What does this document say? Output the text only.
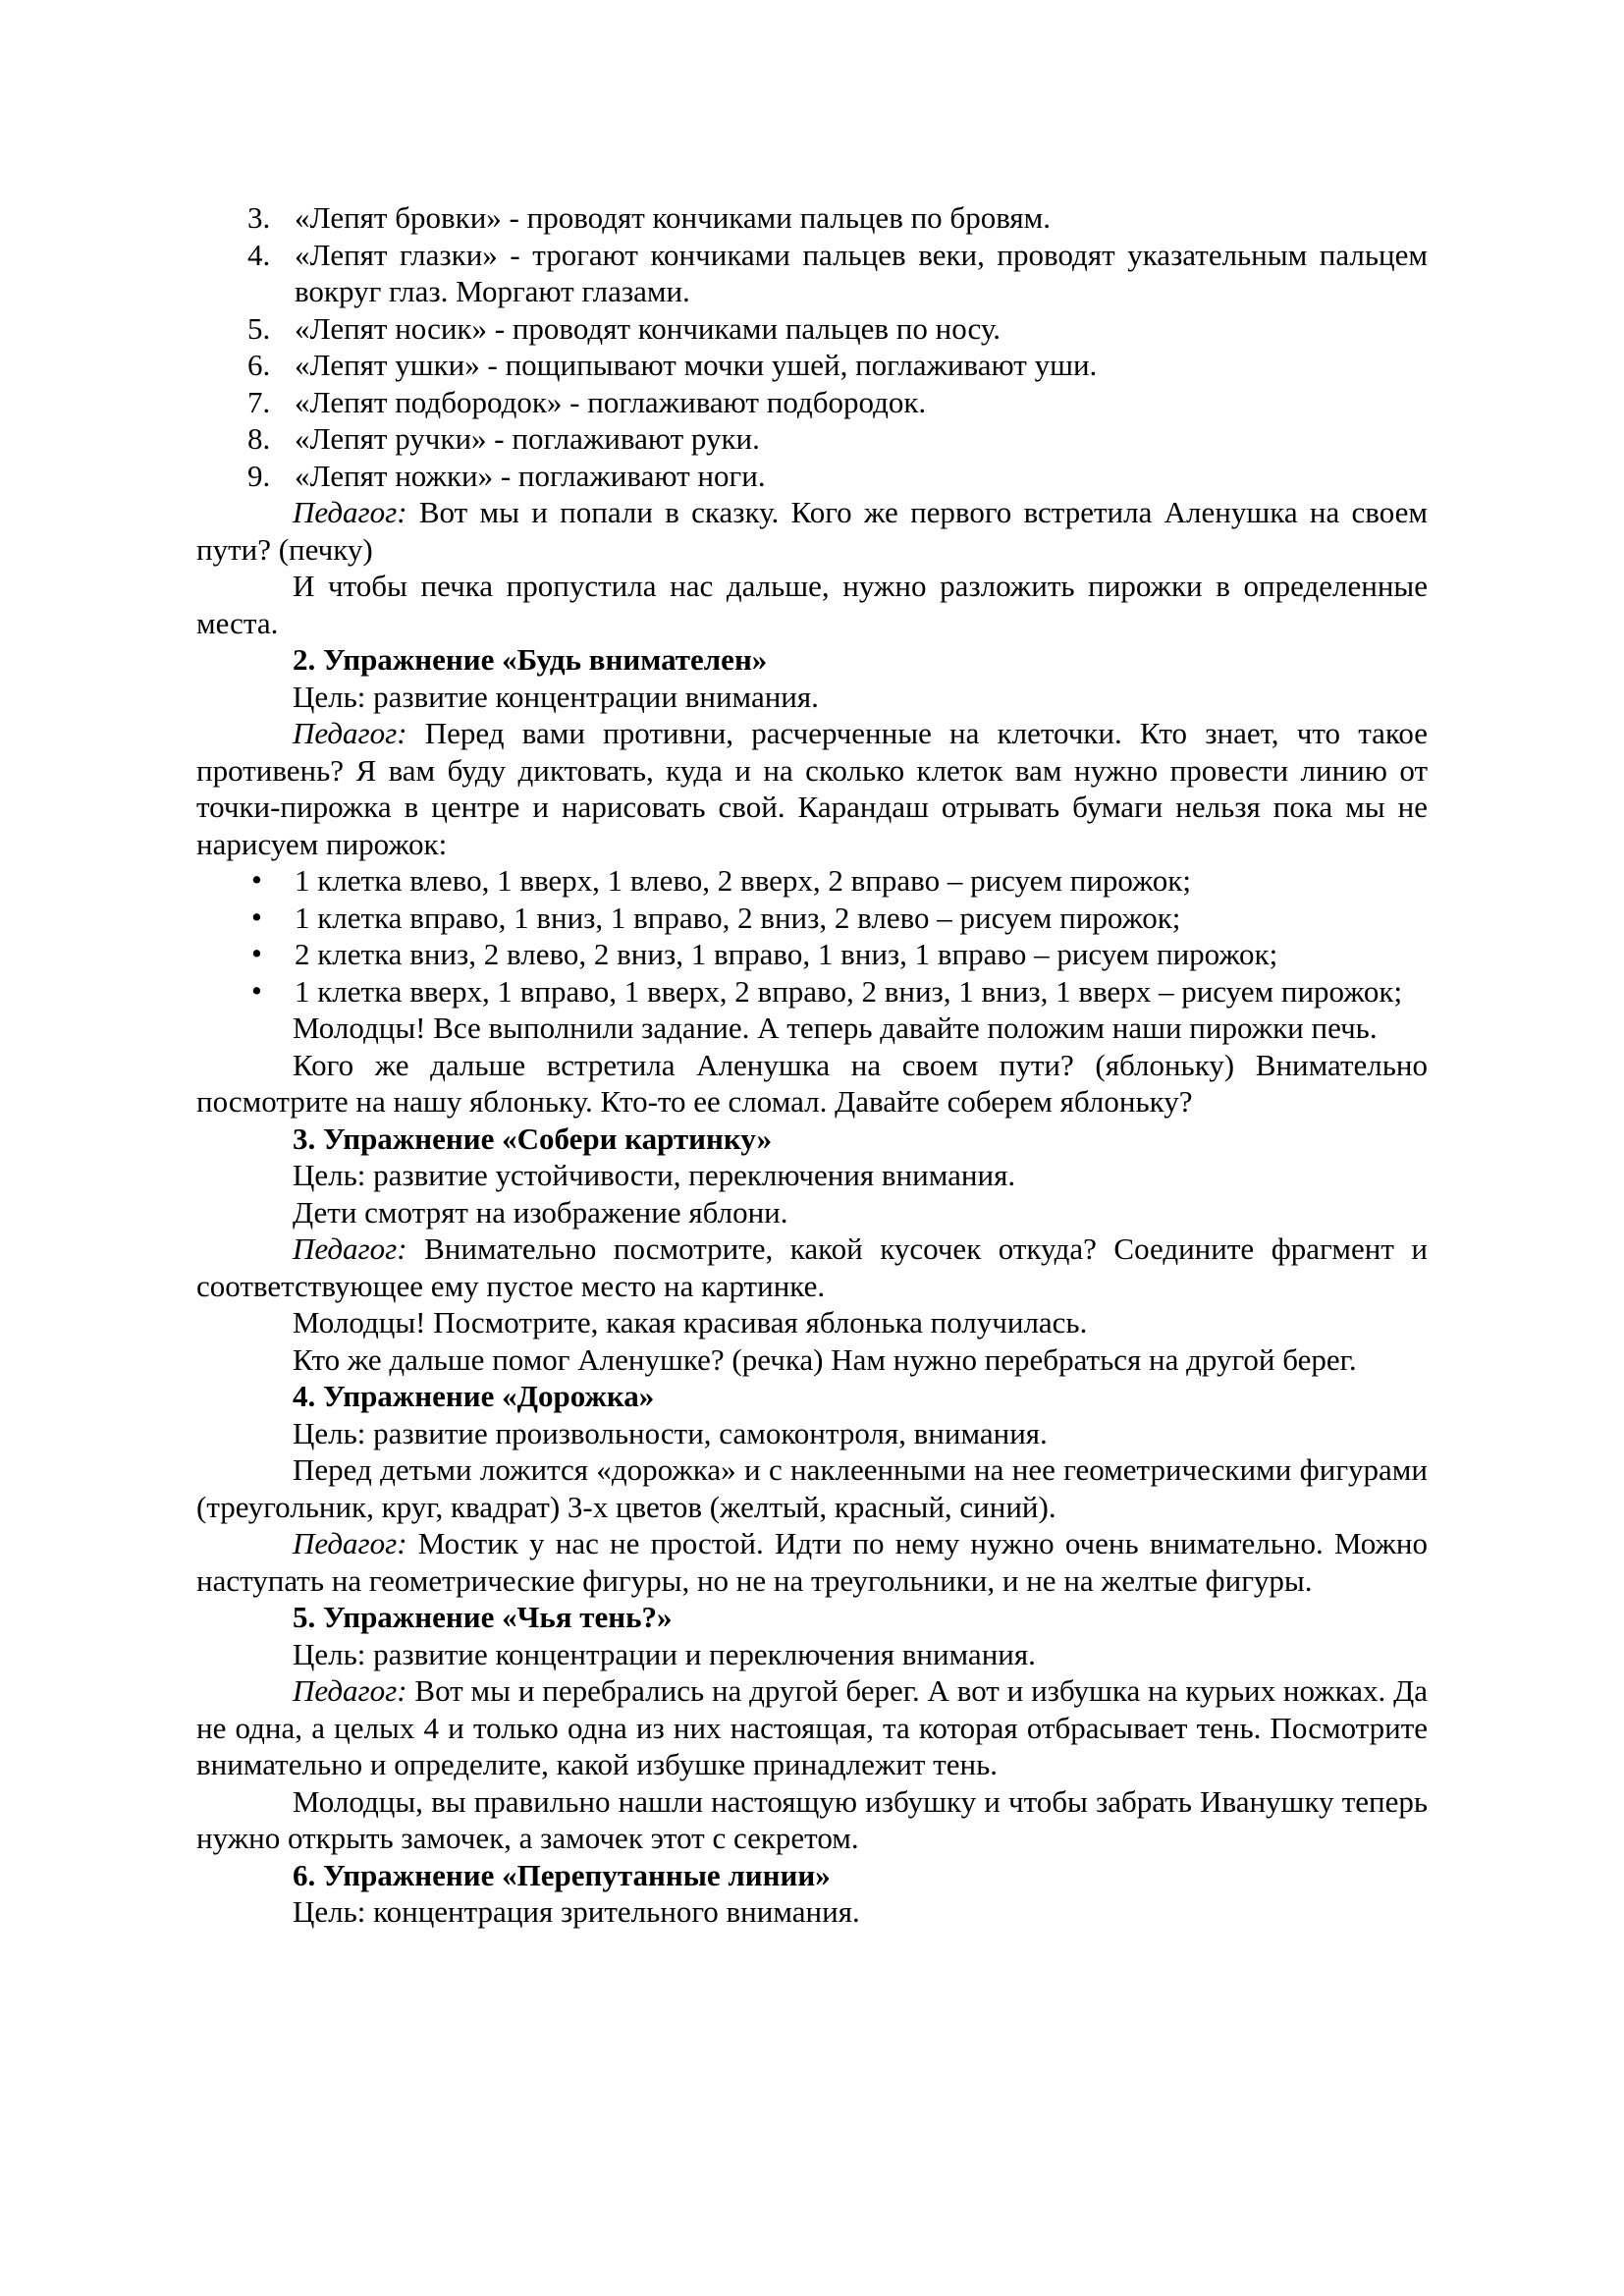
3. «Лепят бровки» - проводят кончиками пальцев по бровям.
4. «Лепят глазки» - трогают кончиками пальцев веки, проводят указательным пальцем вокруг глаз. Моргают глазами.
5. «Лепят носик» - проводят кончиками пальцев по носу.
6. «Лепят ушки» - пощипывают мочки ушей, поглаживают уши.
7. «Лепят подбородок» - поглаживают подбородок.
8. «Лепят ручки» - поглаживают руки.
9. «Лепят ножки» - поглаживают ноги.
Педагог: Вот мы и попали в сказку. Кого же первого встретила Аленушка на своем пути? (печку)
И чтобы печка пропустила нас дальше, нужно разложить пирожки в определенные места.
2. Упражнение «Будь внимателен»
Цель: развитие концентрации внимания.
Педагог: Перед вами противни, расчерченные на клеточки. Кто знает, что такое противень? Я вам буду диктовать, куда и на сколько клеток вам нужно провести линию от точки-пирожка в центре и нарисовать свой. Карандаш отрывать бумаги нельзя пока мы не нарисуем пирожок:
• 1 клетка влево, 1 вверх, 1 влево, 2 вверх, 2 вправо – рисуем пирожок;
• 1 клетка вправо, 1 вниз, 1 вправо, 2 вниз, 2 влево – рисуем пирожок;
• 2 клетка вниз, 2 влево, 2 вниз, 1 вправо, 1 вниз, 1 вправо – рисуем пирожок;
• 1 клетка вверх, 1 вправо, 1 вверх, 2 вправо, 2 вниз, 1 вниз, 1 вверх – рисуем пирожок;
Молодцы! Все выполнили задание. А теперь давайте положим наши пирожки печь.
Кого же дальше встретила Аленушка на своем пути? (яблоньку) Внимательно посмотрите на нашу яблоньку. Кто-то ее сломал. Давайте соберем яблоньку?
3. Упражнение «Собери картинку»
Цель: развитие устойчивости, переключения внимания.
Дети смотрят на изображение яблони.
Педагог: Внимательно посмотрите, какой кусочек откуда? Соедините фрагмент и соответствующее ему пустое место на картинке.
Молодцы! Посмотрите, какая красивая яблонька получилась.
Кто же дальше помог Аленушке? (речка) Нам нужно перебраться на другой берег.
4. Упражнение «Дорожка»
Цель: развитие произвольности, самоконтроля, внимания.
Перед детьми ложится «дорожка» и с наклеенными на нее геометрическими фигурами (треугольник, круг, квадрат) 3-х цветов (желтый, красный, синий).
Педагог: Мостик у нас не простой. Идти по нему нужно очень внимательно. Можно наступать на геометрические фигуры, но не на треугольники, и не на желтые фигуры.
5. Упражнение «Чья тень?»
Цель: развитие концентрации и переключения внимания.
Педагог: Вот мы и перебрались на другой берег. А вот и избушка на курьих ножках. Да не одна, а целых 4 и только одна из них настоящая, та которая отбрасывает тень. Посмотрите внимательно и определите, какой избушке принадлежит тень.
Молодцы, вы правильно нашли настоящую избушку и чтобы забрать Иванушку теперь нужно открыть замочек, а замочек этот с секретом.
6. Упражнение «Перепутанные линии»
Цель: концентрация зрительного внимания.
